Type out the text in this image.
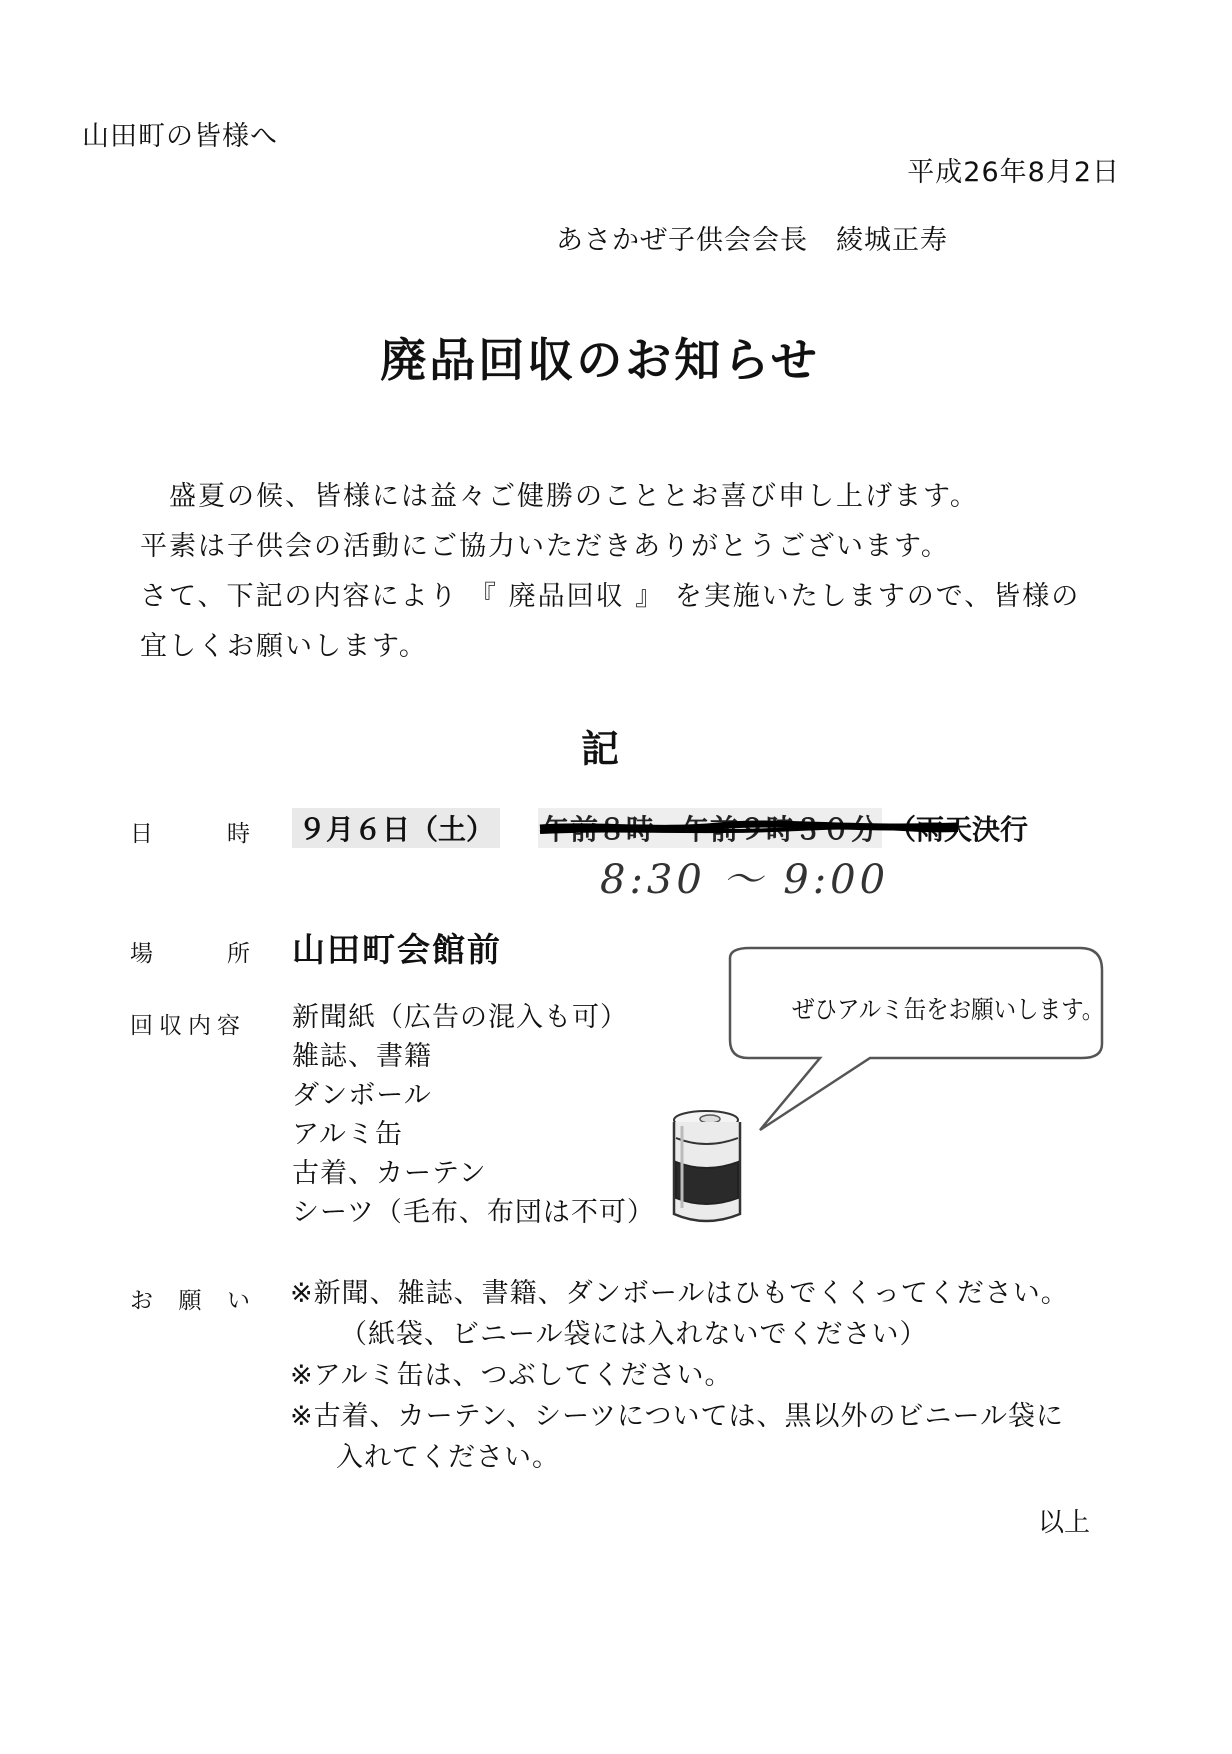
山田町の皆様へ
平成26年8月2日
あさかぜ子供会会長　綾城正寿
廃品回収のお知らせ
　盛夏の候、皆様には益々ご健勝のこととお喜び申し上げます。
平素は子供会の活動にご協力いただきありがとうございます。
さて、下記の内容により 『 廃品回収 』 を実施いたしますので、皆様の
宜しくお願いします。
記
日	時 ９月６日（土） 午前８時～午前９時３０分 （雨天決行
8:30 ～ 9:00
場	所 山田町会館前
回収内容 新聞紙（広告の混入も可）
雑誌、書籍
ダンボール
アルミ缶
古着、カーテン
シーツ（毛布、布団は不可）
ぜひアルミ缶をお願いします。
お 願 い ※新聞、雑誌、書籍、ダンボールはひもでくくってください。
（紙袋、ビニール袋には入れないでください）
※アルミ缶は、つぶしてください。
※古着、カーテン、シーツについては、黒以外のビニール袋に
入れてください。
以上
